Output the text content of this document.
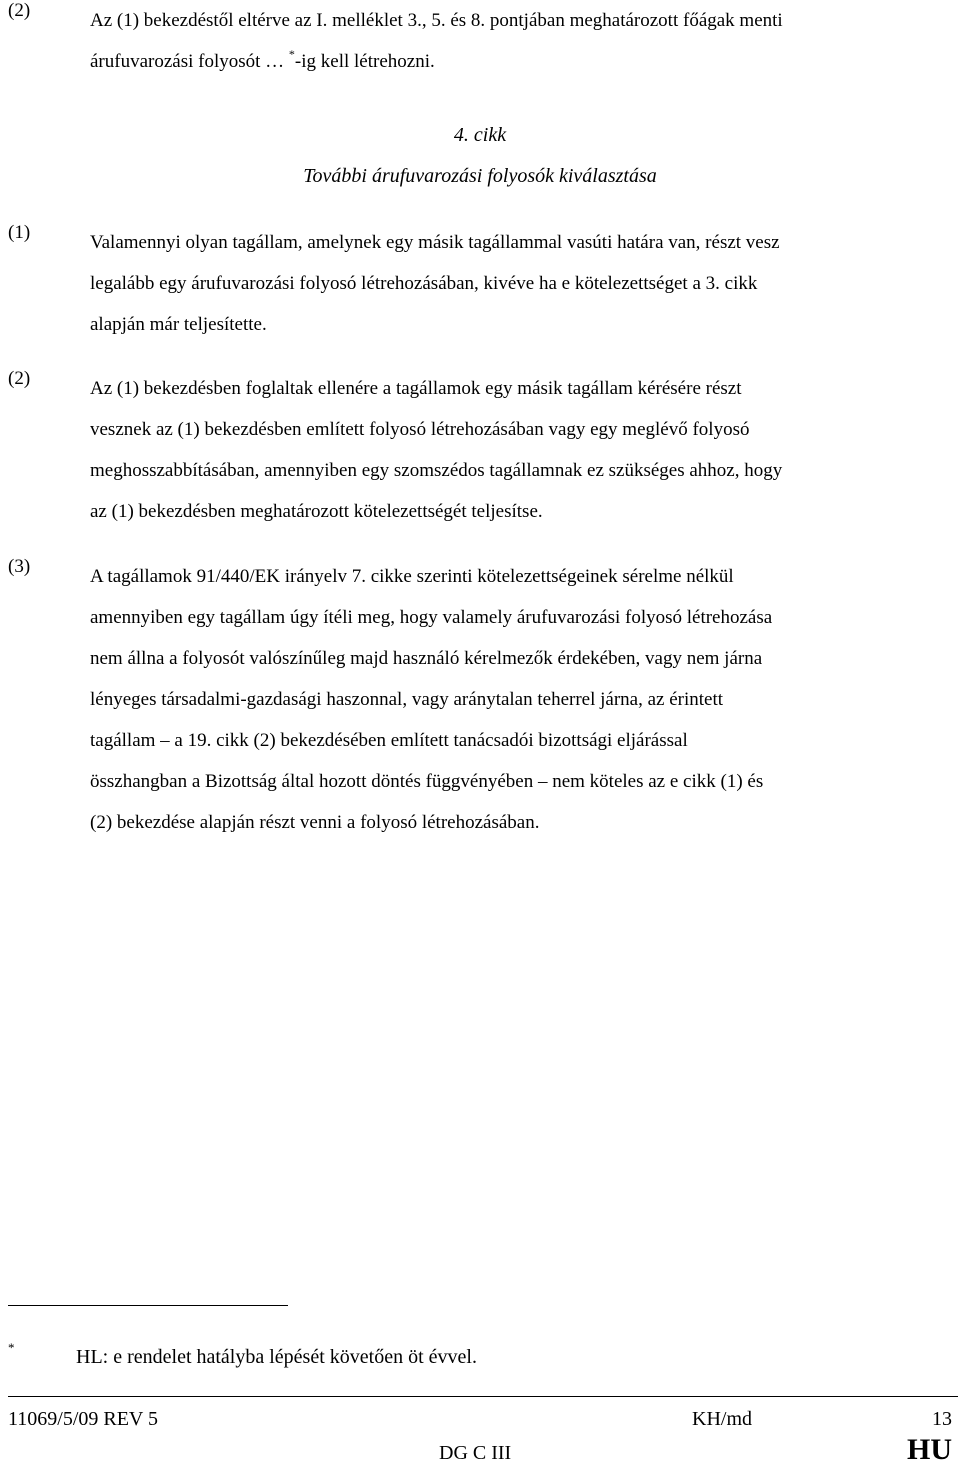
(2)	Az (1) bekezdéstől eltérve az I. melléklet 3., 5. és 8. pontjában meghatározott főágak menti
árufuvarozási folyosót … *-ig kell létrehozni.
4. cikk
További árufuvarozási folyosók kiválasztása
(1)	Valamennyi olyan tagállam, amelynek egy másik tagállammal vasúti határa van, részt vesz
legalább egy árufuvarozási folyosó létrehozásában, kivéve ha e kötelezettséget a 3. cikk
alapján már teljesítette.
(2)	Az (1) bekezdésben foglaltak ellenére a tagállamok egy másik tagállam kérésére részt
vesznek az (1) bekezdésben említett folyosó létrehozásában vagy egy meglévő folyosó
meghosszabbításában, amennyiben egy szomszédos tagállamnak ez szükséges ahhoz, hogy
az (1) bekezdésben meghatározott kötelezettségét teljesítse.
(3)	A tagállamok 91/440/EK irányelv 7. cikke szerinti kötelezettségeinek sérelme nélkül
amennyiben egy tagállam úgy ítéli meg, hogy valamely árufuvarozási folyosó létrehozása
nem állna a folyosót valószínűleg majd használó kérelmezők érdekében, vagy nem járna
lényeges társadalmi-gazdasági haszonnal, vagy aránytalan teherrel járna, az érintett
tagállam – a 19. cikk (2) bekezdésében említett tanácsadói bizottsági eljárással
összhangban a Bizottság által hozott döntés függvényében – nem köteles az e cikk (1) és
(2) bekezdése alapján részt venni a folyosó létrehozásában.
*	HL: e rendelet hatályba lépését követően öt évvel.
11069/5/09 REV 5	KH/md	13
DG C III	HU
